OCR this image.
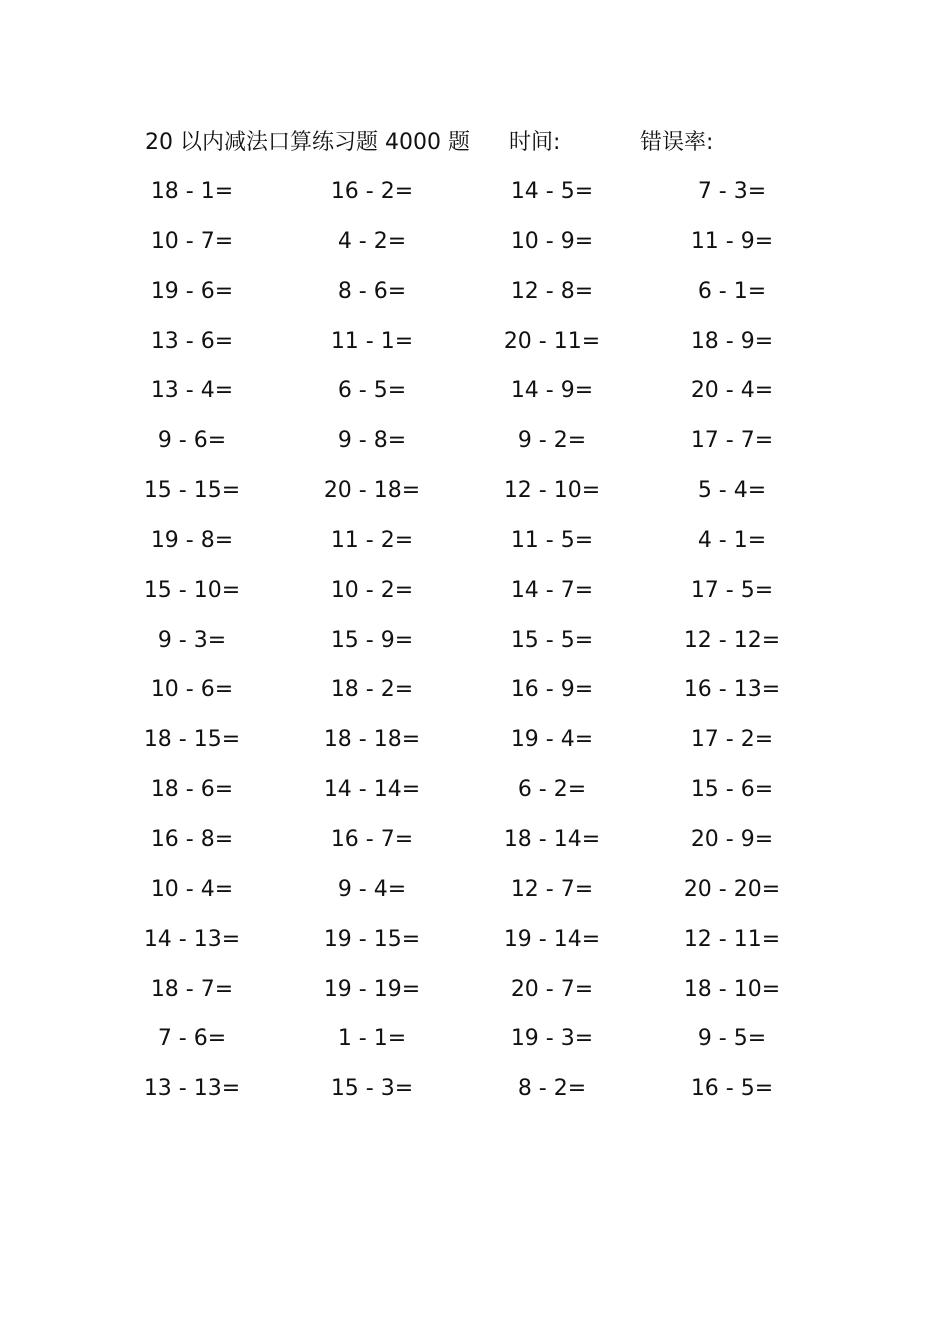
20 以内减法口算练习题 4000 题 时间:	错误率:
18 - 1=	16 - 2=	14 - 5=	7 - 3=
10 - 7=	4 - 2=	10 - 9=	11 - 9=
19 - 6=	8 - 6=	12 - 8=	6 - 1=
13 - 6=	11 - 1=	20 - 11=	18 - 9=
13 - 4=	6 - 5=	14 - 9=	20 - 4=
9 - 6=	9 - 8=	9 - 2=	17 - 7=
15 - 15=	20 - 18=	12 - 10=	5 - 4=
19 - 8=	11 - 2=	11 - 5=	4 - 1=
15 - 10=	10 - 2=	14 - 7=	17 - 5=
9 - 3=	15 - 9=	15 - 5=	12 - 12=
10 - 6=	18 - 2=	16 - 9=	16 - 13=
18 - 15=	18 - 18=	19 - 4=	17 - 2=
18 - 6=	14 - 14=	6 - 2=	15 - 6=
16 - 8=	16 - 7=	18 - 14=	20 - 9=
10 - 4=	9 - 4=	12 - 7=	20 - 20=
14 - 13=	19 - 15=	19 - 14=	12 - 11=
18 - 7=	19 - 19=	20 - 7=	18 - 10=
7 - 6=	1 - 1=	19 - 3=	9 - 5=
13 - 13=	15 - 3=	8 - 2=	16 - 5=
